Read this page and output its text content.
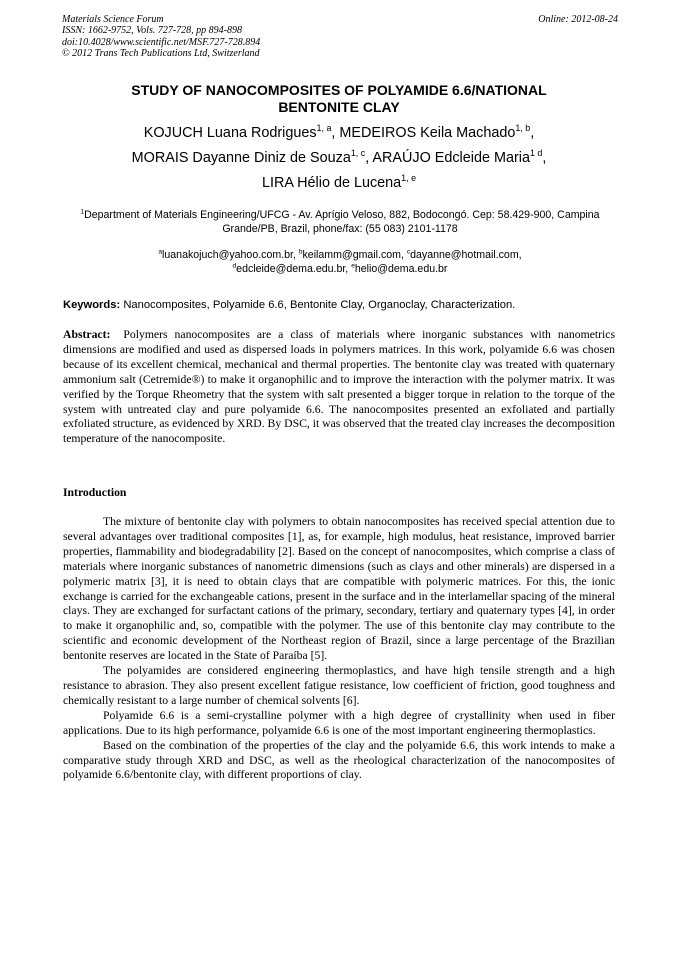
Materials Science Forum
ISSN: 1662-9752, Vols. 727-728, pp 894-898
doi:10.4028/www.scientific.net/MSF.727-728.894
© 2012 Trans Tech Publications Ltd, Switzerland
Online: 2012-08-24
STUDY OF NANOCOMPOSITES OF POLYAMIDE 6.6/NATIONAL
BENTONITE CLAY
KOJUCH Luana Rodrigues$^{1, a}$, MEDEIROS Keila Machado$^{1, b}$,
MORAIS Dayanne Diniz de Souza$^{1, c}$, ARAÚJO Edcleide Maria$^{1 d}$,
LIRA Hélio de Lucena$^{1, e}$
$^1$Department of Materials Engineering/UFCG - Av. Aprígio Veloso, 882, Bodocongó. Cep: 58.429-900, Campina Grande/PB, Brazil, phone/fax: (55 083) 2101-1178
$^a$luanakojuch@yahoo.com.br, $^b$keilamm@gmail.com, $^c$dayanne@hotmail.com,
$^d$edcleide@dema.edu.br, $^e$helio@dema.edu.br
Keywords: Nanocomposites, Polyamide 6.6, Bentonite Clay, Organoclay, Characterization.
Abstract: Polymers nanocomposites are a class of materials where inorganic substances with nanometrics dimensions are modified and used as dispersed loads in polymers matrices. In this work, polyamide 6.6 was chosen because of its excellent chemical, mechanical and thermal properties. The bentonite clay was treated with quaternary ammonium salt (Cetremide®) to make it organophilic and to improve the interaction with the polymer matrix. It was verified by the Torque Rheometry that the system with salt presented a bigger torque in relation to the torque of the system with untreated clay and pure polyamide 6.6. The nanocomposites presented an exfoliated and partially exfoliated structure, as evidenced by XRD. By DSC, it was observed that the treated clay increases the decomposition temperature of the nanocomposite.
Introduction

The mixture of bentonite clay with polymers to obtain nanocomposites has received special attention due to several advantages over traditional composites [1], as, for example, high modulus, heat resistance, improved barrier properties, flammability and biodegradability [2]. Based on the concept of nanocomposites, which comprise a class of materials where inorganic substances of nanometric dimensions (such as clays and other minerals) are dispersed in a polymeric matrix [3], it is need to obtain clays that are compatible with polymeric matrices. For this, the ionic exchange is carried for the exchangeable cations, present in the surface and in the interlamellar spacing of the mineral clays. They are exchanged for surfactant cations of the primary, secondary, tertiary and quaternary types [4], in order to make it organophilic and, so, compatible with the polymer. The use of this bentonite clay may contribute to the scientific and economic development of the Northeast region of Brazil, since a large percentage of the Brazilian bentonite reserves are located in the State of Paraíba [5].

The polyamides are considered engineering thermoplastics, and have high tensile strength and a high resistance to abrasion. They also present excellent fatigue resistance, low coefficient of friction, good toughness and chemically resistant to a large number of chemical solvents [6].

Polyamide 6.6 is a semi-crystalline polymer with a high degree of crystallinity when used in fiber applications. Due to its high performance, polyamide 6.6 is one of the most important engineering thermoplastics.

Based on the combination of the properties of the clay and the polyamide 6.6, this work intends to make a comparative study through XRD and DSC, as well as the rheological characterization of the nanocomposites of polyamide 6.6/bentonite clay, with different proportions of clay.
